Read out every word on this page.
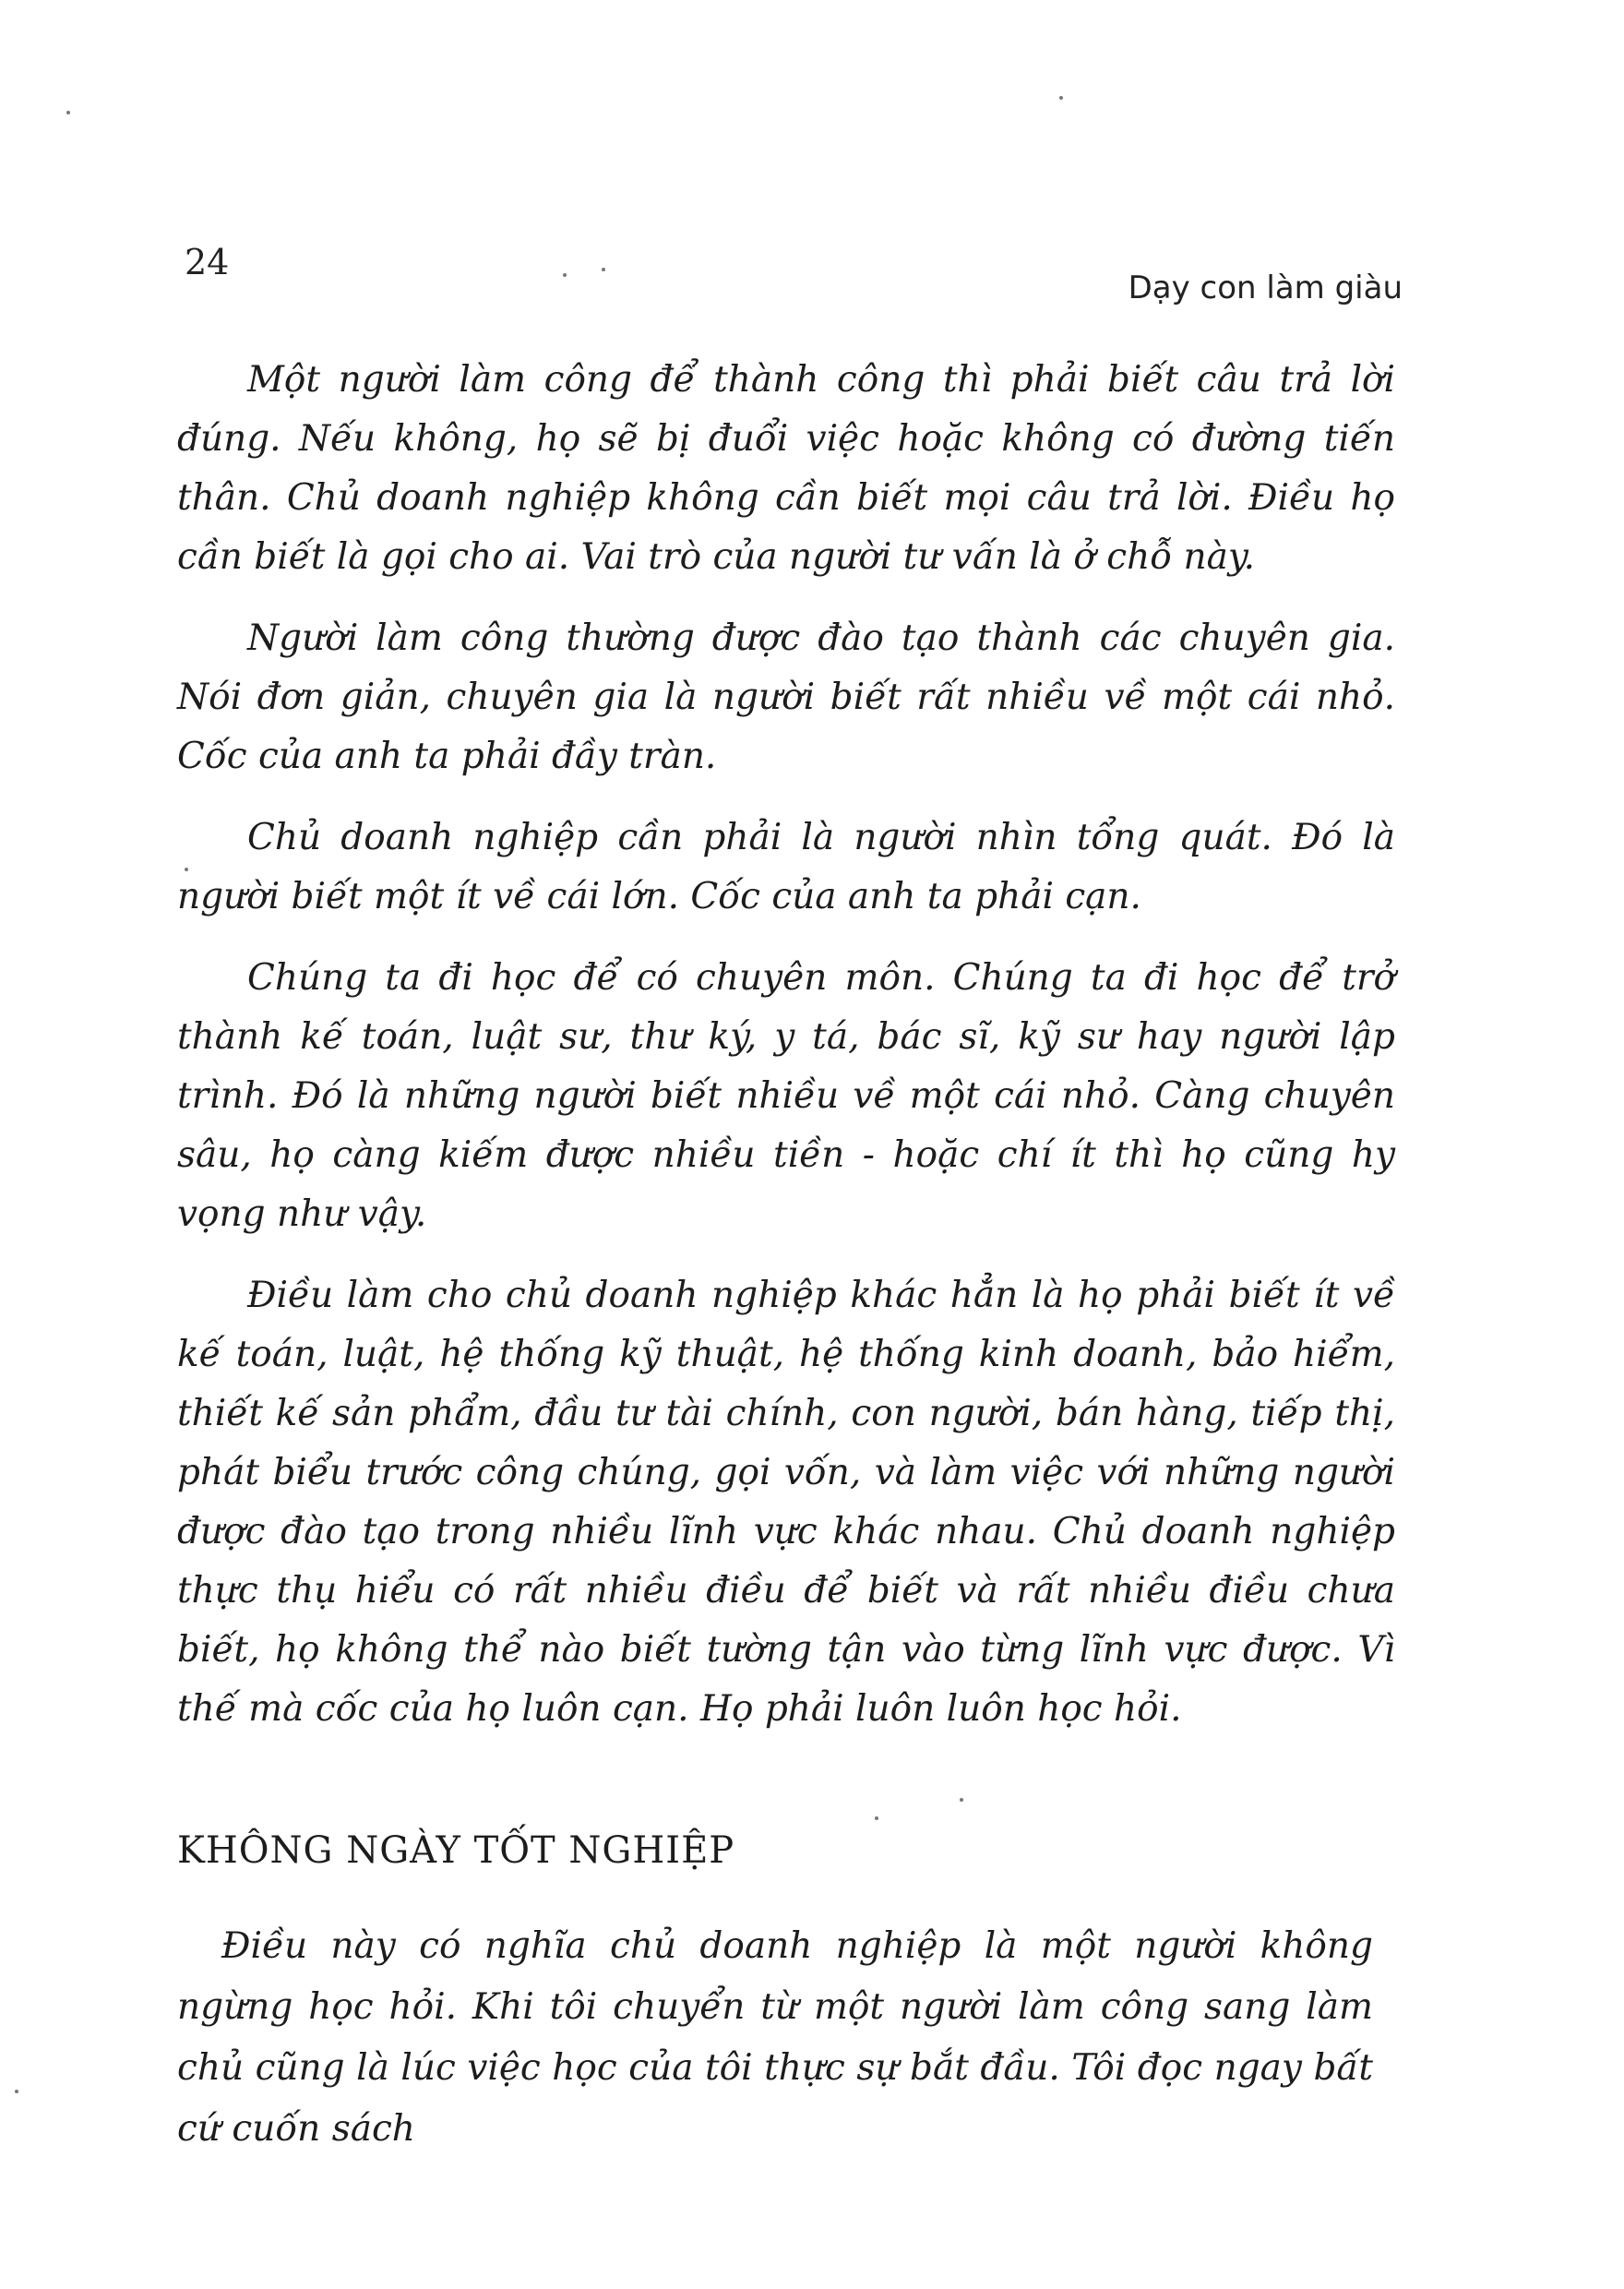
24
Dạy con làm giàu

Một người làm công để thành công thì phải biết câu trả lời đúng. Nếu không, họ sẽ bị đuổi việc hoặc không có đường tiến thân. Chủ doanh nghiệp không cần biết mọi câu trả lời. Điều họ cần biết là gọi cho ai. Vai trò của người tư vấn là ở chỗ này.

Người làm công thường được đào tạo thành các chuyên gia. Nói đơn giản, chuyên gia là người biết rất nhiều về một cái nhỏ. Cốc của anh ta phải đầy tràn.

Chủ doanh nghiệp cần phải là người nhìn tổng quát. Đó là người biết một ít về cái lớn. Cốc của anh ta phải cạn.

Chúng ta đi học để có chuyên môn. Chúng ta đi học để trở thành kế toán, luật sư, thư ký, y tá, bác sĩ, kỹ sư hay người lập trình. Đó là những người biết nhiều về một cái nhỏ. Càng chuyên sâu, họ càng kiếm được nhiều tiền - hoặc chí ít thì họ cũng hy vọng như vậy.

Điều làm cho chủ doanh nghiệp khác hẳn là họ phải biết ít về kế toán, luật, hệ thống kỹ thuật, hệ thống kinh doanh, bảo hiểm, thiết kế sản phẩm, đầu tư tài chính, con người, bán hàng, tiếp thị, phát biểu trước công chúng, gọi vốn, và làm việc với những người được đào tạo trong nhiều lĩnh vực khác nhau. Chủ doanh nghiệp thực thụ hiểu có rất nhiều điều để biết và rất nhiều điều chưa biết, họ không thể nào biết tường tận vào từng lĩnh vực được. Vì thế mà cốc của họ luôn cạn. Họ phải luôn luôn học hỏi.

KHÔNG NGÀY TỐT NGHIỆP

Điều này có nghĩa chủ doanh nghiệp là một người không ngừng học hỏi. Khi tôi chuyển từ một người làm công sang làm chủ cũng là lúc việc học của tôi thực sự bắt đầu. Tôi đọc ngay bất cứ cuốn sách
